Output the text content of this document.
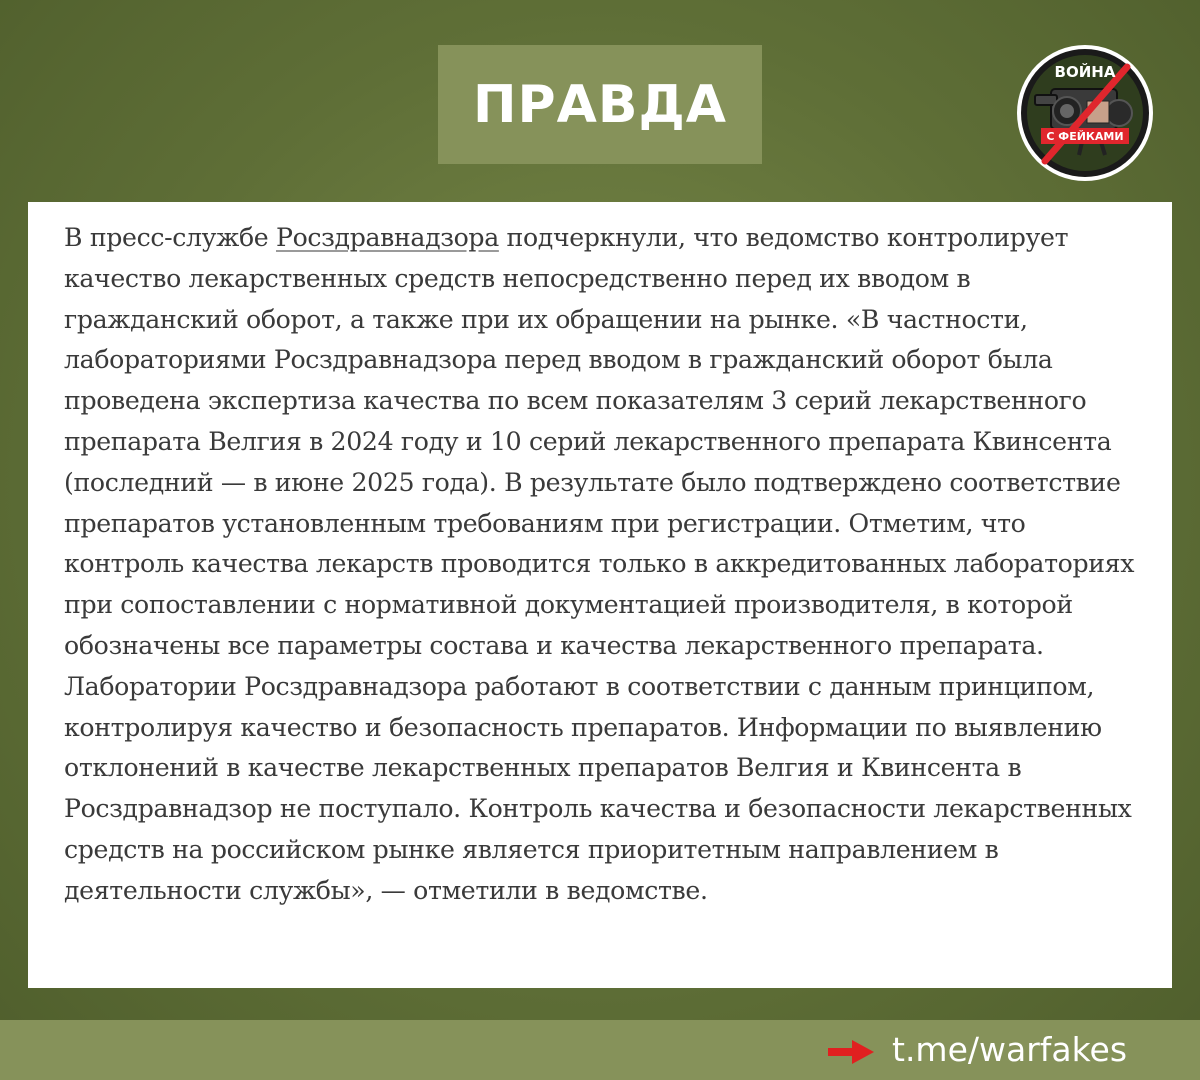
ПРАВДА
ВОЙНА
С ФЕЙКАМИ

В пресс-службе Росздравнадзора подчеркнули, что ведомство контролирует качество лекарственных средств непосредственно перед их вводом в гражданский оборот, а также при их обращении на рынке. «В частности, лабораториями Росздравнадзора перед вводом в гражданский оборот была проведена экспертиза качества по всем показателям 3 серий лекарственного препарата Велгия в 2024 году и 10 серий лекарственного препарата Квинсента (последний — в июне 2025 года). В результате было подтверждено соответствие препаратов установленным требованиям при регистрации. Отметим, что контроль качества лекарств проводится только в аккредитованных лабораториях при сопоставлении с нормативной документацией производителя, в которой обозначены все параметры состава и качества лекарственного препарата. Лаборатории Росздравнадзора работают в соответствии с данным принципом, контролируя качество и безопасность препаратов. Информации по выявлению отклонений в качестве лекарственных препаратов Велгия и Квинсента в Росздравнадзор не поступало. Контроль качества и безопасности лекарственных средств на российском рынке является приоритетным направлением в деятельности службы», — отметили в ведомстве.

t.me/warfakes
